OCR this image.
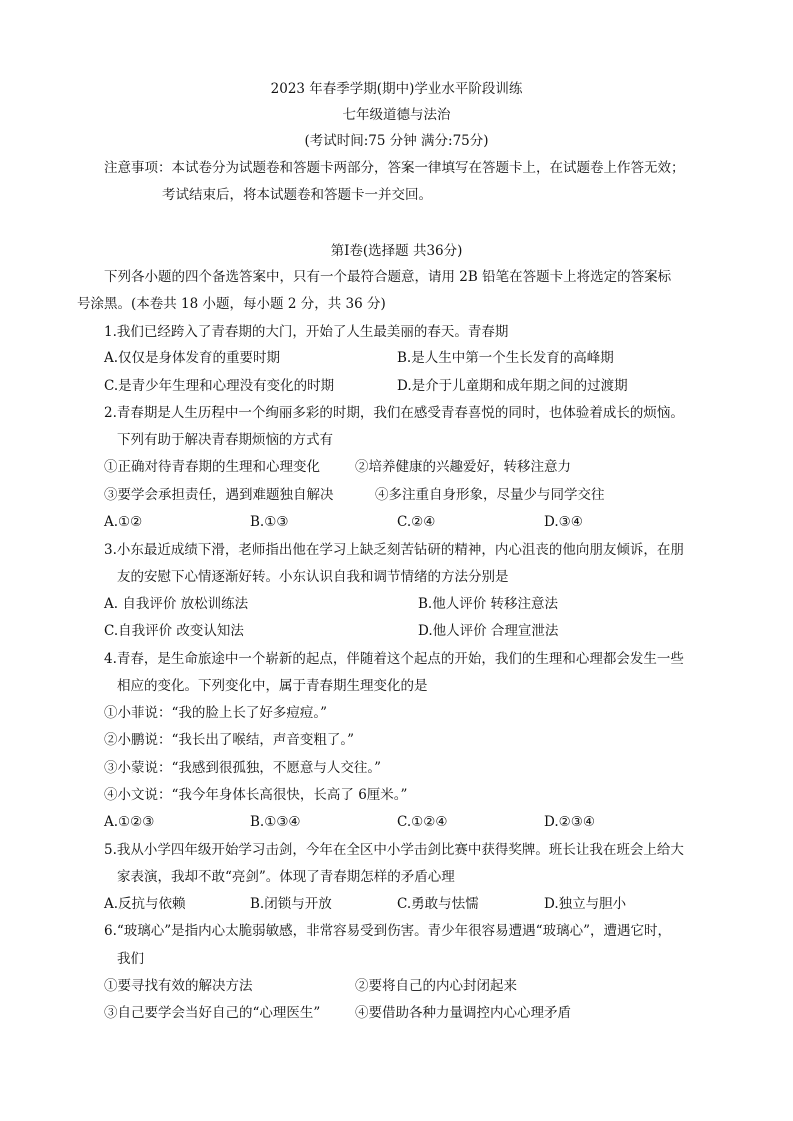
2023 年春季学期(期中)学业水平阶段训练
七年级道德与法治
(考试时间:75 分钟 满分:75分)
注意事项：本试卷分为试题卷和答题卡两部分，答案一律填写在答题卡上，在试题卷上作答无效；
考试结束后，将本试题卷和答题卡一并交回。
第Ⅰ卷(选择题 共36分)
下列各小题的四个备选答案中，只有一个最符合题意，请用 2B 铅笔在答题卡上将选定的答案标
号涂黑。(本卷共 18 小题，每小题 2 分，共 36 分)
1.我们已经跨入了青春期的大门，开始了人生最美丽的春天。青春期
A.仅仅是身体发育的重要时期	B.是人生中第一个生长发育的高峰期
C.是青少年生理和心理没有变化的时期	D.是介于儿童期和成年期之间的过渡期
2.青春期是人生历程中一个绚丽多彩的时期，我们在感受青春喜悦的同时，也体验着成长的烦恼。
下列有助于解决青春期烦恼的方式有
①正确对待青春期的生理和心理变化	②培养健康的兴趣爱好，转移注意力
③要学会承担责任，遇到难题独自解决	④多注重自身形象，尽量少与同学交往
A.①②	B.①③	C.②④	D.③④
3.小东最近成绩下滑，老师指出他在学习上缺乏刻苦钻研的精神，内心沮丧的他向朋友倾诉，在朋
友的安慰下心情逐渐好转。小东认识自我和调节情绪的方法分别是
A. 自我评价 放松训练法	B.他人评价 转移注意法
C.自我评价 改变认知法	D.他人评价 合理宣泄法
4.青春，是生命旅途中一个崭新的起点，伴随着这个起点的开始，我们的生理和心理都会发生一些
相应的变化。下列变化中，属于青春期生理变化的是
①小菲说：“我的脸上长了好多痘痘。”
②小鹏说：“我长出了喉结，声音变粗了。”
③小蒙说：“我感到很孤独，不愿意与人交往。”
④小文说：“我今年身体长高很快，长高了 6厘米。”
A.①②③	B.①③④	C.①②④	D.②③④
5.我从小学四年级开始学习击剑，今年在全区中小学击剑比赛中获得奖牌。班长让我在班会上给大
家表演，我却不敢“亮剑”。体现了青春期怎样的矛盾心理
A.反抗与依赖	B.闭锁与开放	C.勇敢与怯懦	D.独立与胆小
6.“玻璃心”是指内心太脆弱敏感，非常容易受到伤害。青少年很容易遭遇“玻璃心”，遭遇它时，
我们
①要寻找有效的解决方法	②要将自己的内心封闭起来
③自己要学会当好自己的“心理医生”	④要借助各种力量调控内心心理矛盾
